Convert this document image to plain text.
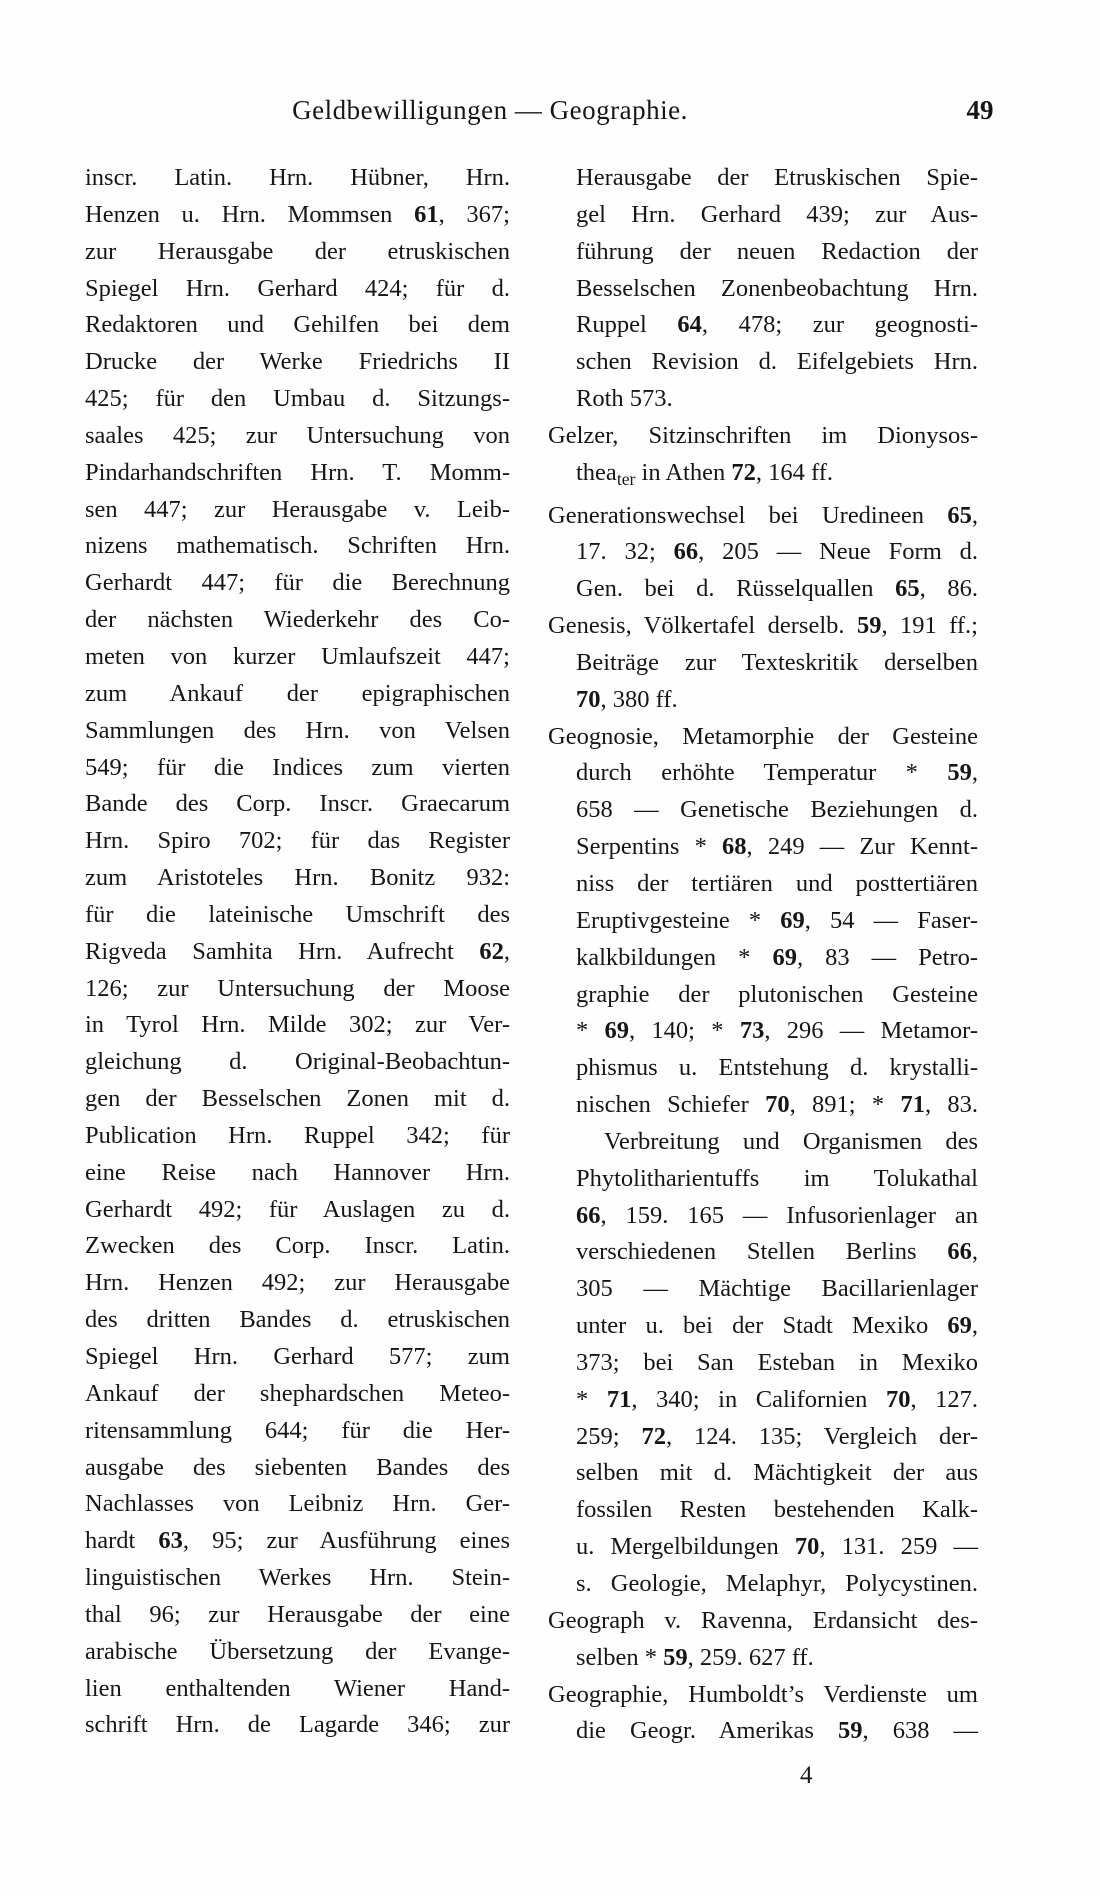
Geldbewilligungen — Geographie.	49
inscr. Latin. Hrn. Hübner, Hrn.
Henzen u. Hrn. Mommsen 61, 367;
zur Herausgabe der etruskischen
Spiegel Hrn. Gerhard 424; für d.
Redaktoren und Gehilfen bei dem
Drucke der Werke Friedrichs II
425; für den Umbau d. Sitzungs-
saales 425; zur Untersuchung von
Pindarhandschriften Hrn. T. Momm-
sen 447; zur Herausgabe v. Leib-
nizens mathematisch. Schriften Hrn.
Gerhardt 447; für die Berechnung
der nächsten Wiederkehr des Co-
meten von kurzer Umlaufszeit 447;
zum Ankauf der epigraphischen
Sammlungen des Hrn. von Velsen
549; für die Indices zum vierten
Bande des Corp. Inscr. Graecarum
Hrn. Spiro 702; für das Register
zum Aristoteles Hrn. Bonitz 932:
für die lateinische Umschrift des
Rigveda Samhita Hrn. Aufrecht 62,
126; zur Untersuchung der Moose
in Tyrol Hrn. Milde 302; zur Ver-
gleichung d. Original-Beobachtun-
gen der Besselschen Zonen mit d.
Publication Hrn. Ruppel 342; für
eine Reise nach Hannover Hrn.
Gerhardt 492; für Auslagen zu d.
Zwecken des Corp. Inscr. Latin.
Hrn. Henzen 492; zur Herausgabe
des dritten Bandes d. etruskischen
Spiegel Hrn. Gerhard 577; zum
Ankauf der shephardschen Meteo-
ritensammlung 644; für die Her-
ausgabe des siebenten Bandes des
Nachlasses von Leibniz Hrn. Ger-
hardt 63, 95; zur Ausführung eines
linguistischen Werkes Hrn. Stein-
thal 96; zur Herausgabe der eine
arabische Übersetzung der Evange-
lien enthaltenden Wiener Hand-
schrift Hrn. de Lagarde 346; zur
Herausgabe der Etruskischen Spie-
gel Hrn. Gerhard 439; zur Aus-
führung der neuen Redaction der
Besselschen Zonenbeobachtung Hrn.
Ruppel 64, 478; zur geognosti-
schen Revision d. Eifelgebiets Hrn.
Roth 573.
Gelzer, Sitzinschriften im Dionysos-
thea$_{ter}$ in Athen 72, 164 ff.
Generationswechsel bei Uredineen 65,
17. 32; 66, 205 — Neue Form d.
Gen. bei d. Rüsselquallen 65, 86.
Genesis, Völkertafel derselb. 59, 191 ff.;
Beiträge zur Texteskritik derselben
70, 380 ff.
Geognosie, Metamorphie der Gesteine
durch erhöhte Temperatur * 59,
658 — Genetische Beziehungen d.
Serpentins * 68, 249 — Zur Kennt-
niss der tertiären und posttertiären
Eruptivgesteine * 69, 54 — Faser-
kalkbildungen * 69, 83 — Petro-
graphie der plutonischen Gesteine
* 69, 140; * 73, 296 — Metamor-
phismus u. Entstehung d. krystalli-
nischen Schiefer 70, 891; * 71, 83.
Verbreitung und Organismen des
Phytolitharientuffs im Tolukathal
66, 159. 165 — Infusorienlager an
verschiedenen Stellen Berlins 66,
305 — Mächtige Bacillarienlager
unter u. bei der Stadt Mexiko 69,
373; bei San Esteban in Mexiko
* 71, 340; in Californien 70, 127.
259; 72, 124. 135; Vergleich der-
selben mit d. Mächtigkeit der aus
fossilen Resten bestehenden Kalk-
u. Mergelbildungen 70, 131. 259 —
s. Geologie, Melaphyr, Polycystinen.
Geograph v. Ravenna, Erdansicht des-
selben * 59, 259. 627 ff.
Geographie, Humboldt’s Verdienste um
die Geogr. Amerikas 59, 638 —
4
